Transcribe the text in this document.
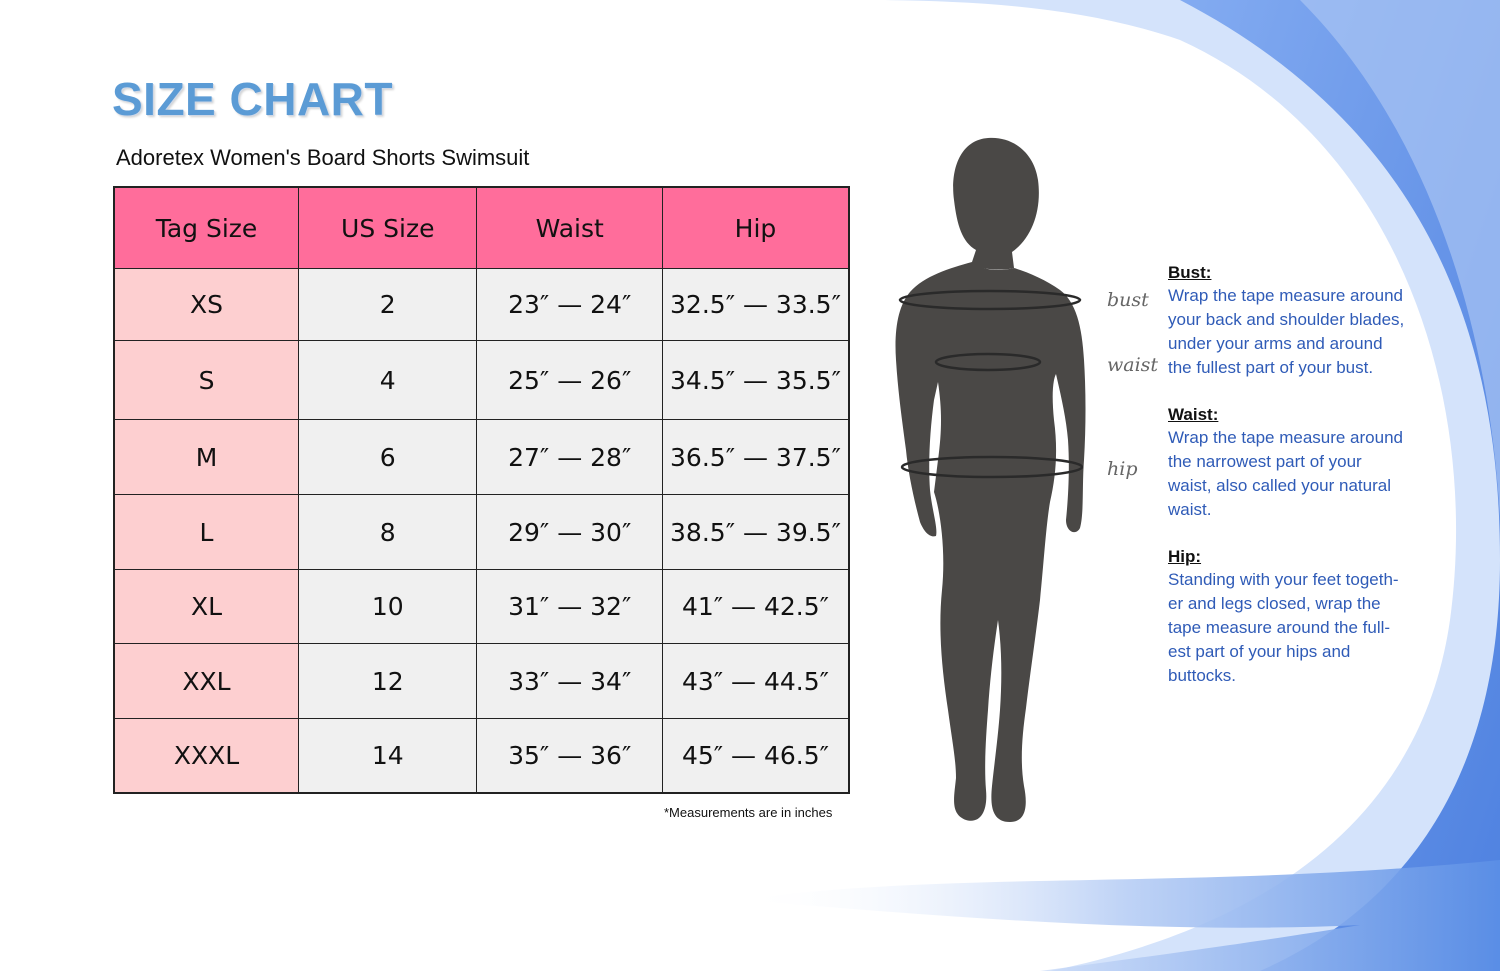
SIZE CHART

Adoretex Women's Board Shorts Swimsuit

Tag Size	US Size	Waist	Hip
XS	2	23″ — 24″	32.5″ — 33.5″
S	4	25″ — 26″	34.5″ — 35.5″
M	6	27″ — 28″	36.5″ — 37.5″
L	8	29″ — 30″	38.5″ — 39.5″
XL	10	31″ — 32″	41″ — 42.5″
XXL	12	33″ — 34″	43″ — 44.5″
XXXL	14	35″ — 36″	45″ — 46.5″

*Measurements are in inches

bust
waist
hip

Bust:

Wrap the tape measure around

your back and shoulder blades,

under your arms and around

the fullest part of your bust.

Waist:

Wrap the tape measure around

the narrowest part of your

waist, also called your natural

waist.

Hip:

Standing with your feet togeth-

er and legs closed, wrap the

tape measure around the full-

est part of your hips and

buttocks.
